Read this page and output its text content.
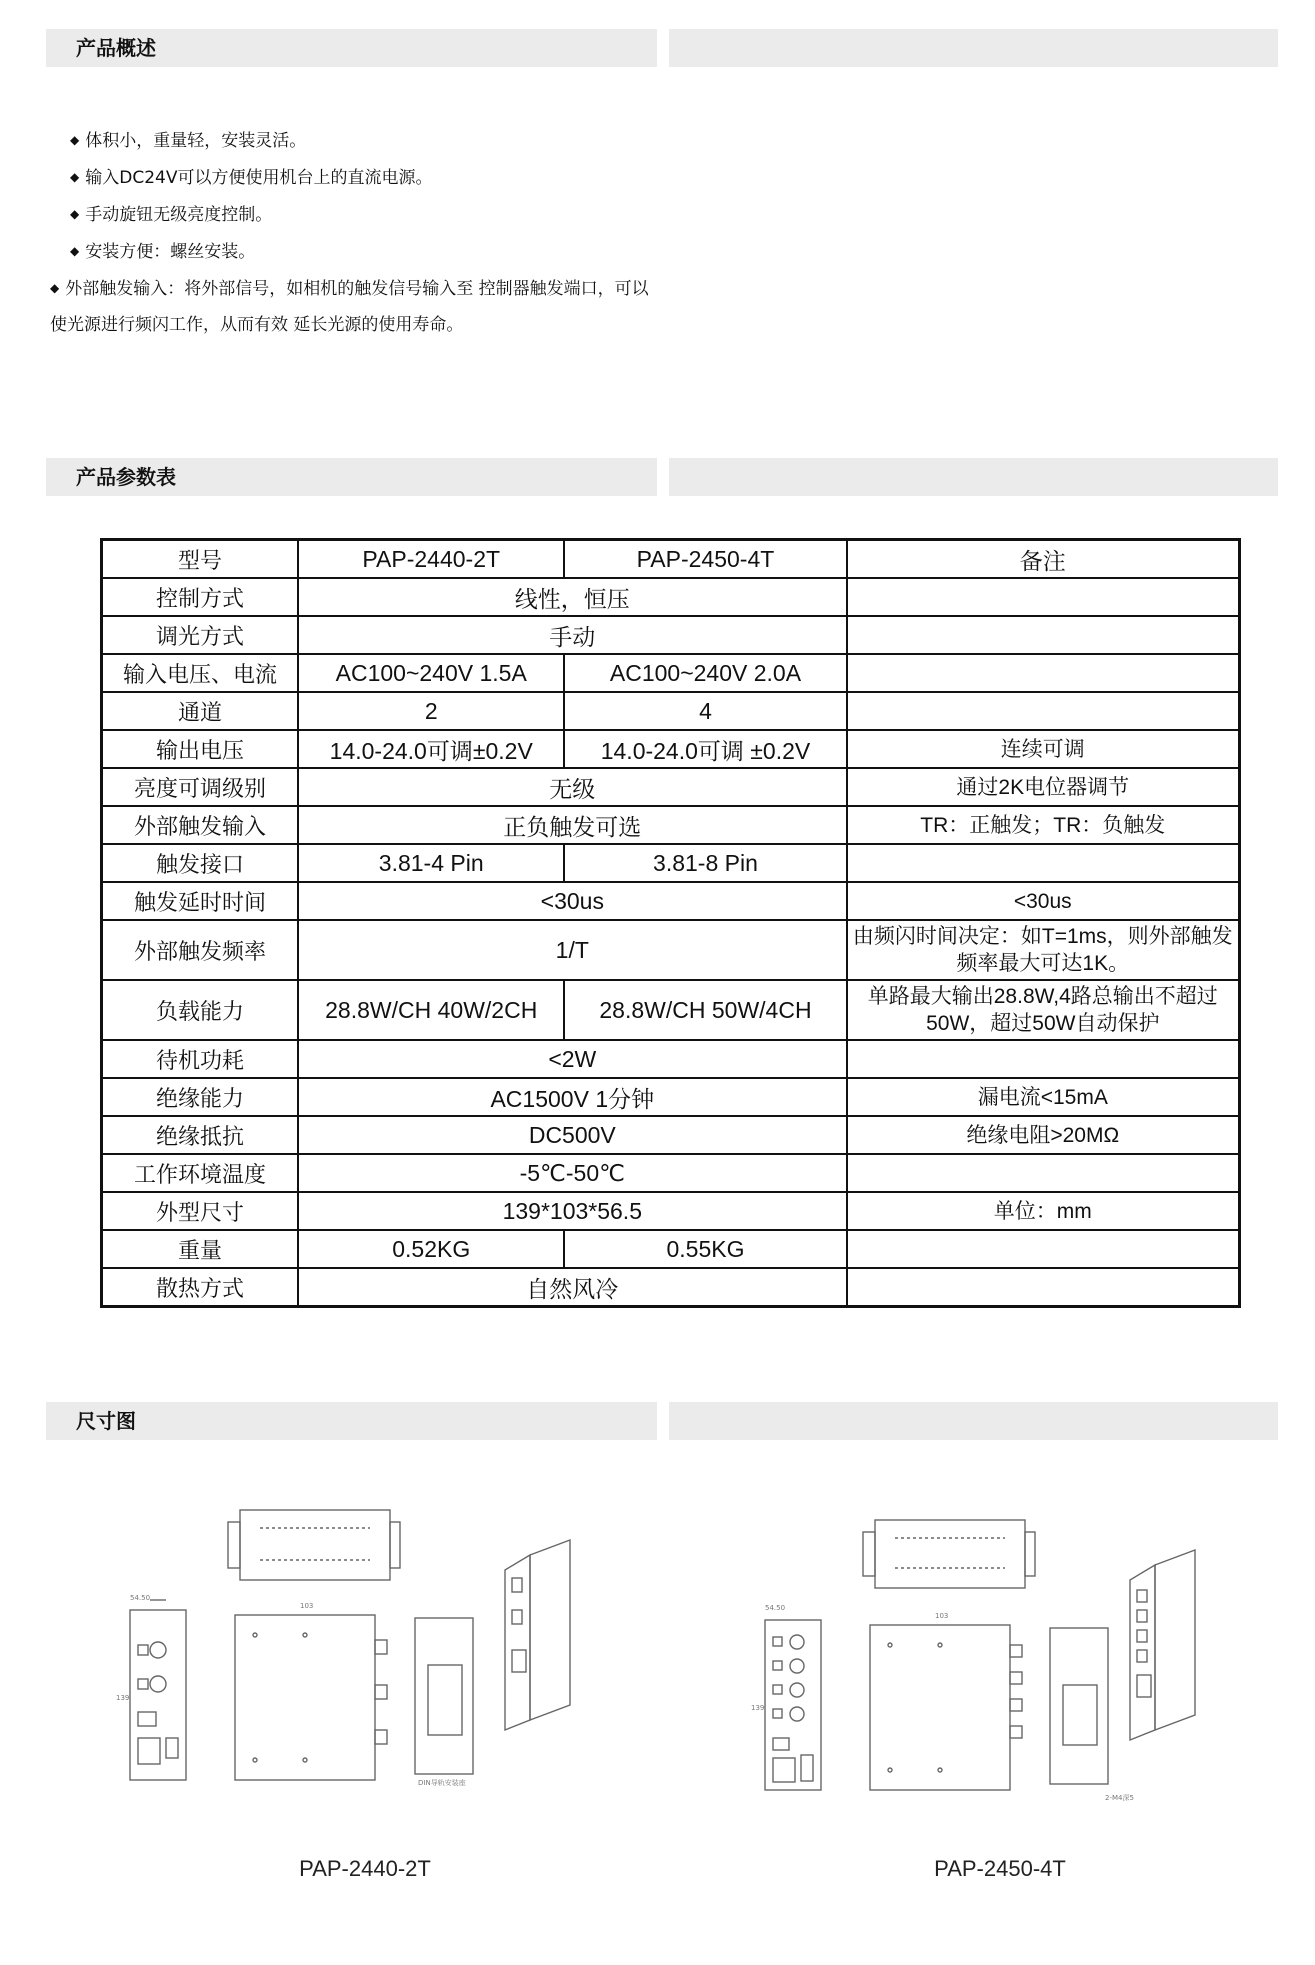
产品概述

◆ 体积小，重量轻，安装灵活。

◆ 输入DC24V可以方便使用机台上的直流电源。

◆ 手动旋钮无级亮度控制。

◆ 安装方便：螺丝安装。

◆ 外部触发输入：将外部信号，如相机的触发信号输入至 控制器触发端口，可以使光源进行频闪工作，从而有效 延长光源的使用寿命。

产品参数表
型号	PAP-2440-2T	PAP-2450-4T	备注
控制方式	线性，恒压		
调光方式	手动		
输入电压、电流	AC100~240V 1.5A	AC100~240V 2.0A	
通道	2	4	
输出电压	14.0-24.0可调±0.2V	14.0-24.0可调 ±0.2V	连续可调
亮度可调级别	无级		通过2K电位器调节
外部触发输入	正负触发可选		TR：正触发；TR：负触发
触发接口	3.81-4 Pin	3.81-8 Pin	
触发延时时间	<30us		<30us
外部触发频率	1/T		由频闪时间决定：如T=1ms，则外部触发频率最大可达1K。
负载能力	28.8W/CH 40W/2CH	28.8W/CH 50W/4CH	单路最大输出28.8W,4路总输出不超过50W，超过50W自动保护
待机功耗	<2W		
绝缘能力	AC1500V 1分钟		漏电流<15mA
绝缘抵抗	DC500V		绝缘电阻>20MΩ
工作环境温度	-5℃-50℃		
外型尺寸	139*103*56.5		单位：mm
重量	0.52KG	0.55KG	
散热方式	自然风冷		
尺寸图
54.50
103
139
DIN导轨安装座
PAP-2440-2T
54.50
103
139
2-M4深5
PAP-2450-4T
